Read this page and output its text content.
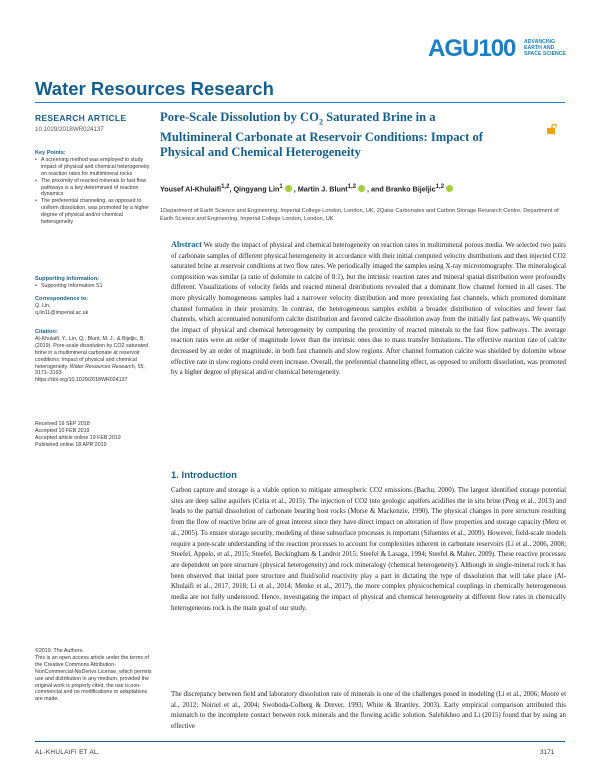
AGU100 ADVANCING EARTH AND SPACE SCIENCE
Water Resources Research
RESEARCH ARTICLE
10.1029/2018WR024137
Key Points:
• A screening method was employed to study impact of physical and chemical heterogeneity on reaction rates for multimineral rocks
• The proximity of reacted minerals to fast flow pathways is a key determinant of reaction dynamics
• The preferential channeling, as opposed to uniform dissolution, was promoted by a higher degree of physical and/or chemical heterogeneity
Supporting Information:
• Supporting Information S1
Correspondence to:
Q. Lin,
q.lin11@imperial.ac.uk
Citation:
Al-Khulaifi, Y., Lin, Q., Blunt, M. J., & Bijeljic, B. (2019). Pore-scale dissolution by CO2 saturated brine in a multimineral carbonate at reservoir conditions: Impact of physical and chemical heterogeneity. Water Resources Research, 55, 3171–3193. https://doi.org/10.1029/2018WR024137
Received 19 SEP 2018
Accepted 10 FEB 2019
Accepted article online 19 FEB 2019
Published online 18 APR 2019
©2019. The Authors.
This is an open access article under the terms of the Creative Commons Attribution-NonCommercial-NoDerivs License, which permits use and distribution in any medium, provided the original work is properly cited, the use is non-commercial and no modifications or adaptations are made.
Pore-Scale Dissolution by $CO_2$ Saturated Brine in a Multimineral Carbonate at Reservoir Conditions: Impact of Physical and Chemical Heterogeneity
Yousef Al-Khulaifi$^{1,2}$, Qingyang Lin$^1$ , Martin J. Blunt$^{1,2}$ , and Branko Bijeljic$^{1,2}$
1Department of Earth Science and Engineering, Imperial College London, London, UK, 2Qatar Carbonates and Carbon Storage Research Centre, Department of Earth Science and Engineering, Imperial College London, London, UK
Abstract We study the impact of physical and chemical heterogeneity on reaction rates in multimineral porous media. We selected two pairs of carbonate samples of different physical heterogeneity in accordance with their initial computed velocity distributions and then injected CO2 saturated brine at reservoir conditions at two flow rates. We periodically imaged the samples using X-ray microtomography. The mineralogical composition was similar (a ratio of dolomite to calcite of 8:1), but the intrinsic reaction rates and mineral spatial distribution were profoundly different. Visualizations of velocity fields and reacted mineral distributions revealed that a dominant flow channel formed in all cases. The more physically homogeneous samples had a narrower velocity distribution and more preexisting fast channels, which promoted dominant channel formation in their proximity. In contrast, the heterogeneous samples exhibit a broader distribution of velocities and fewer fast channels, which accentuated nonuniform calcite distribution and favored calcite dissolution away from the initially fast pathways. We quantify the impact of physical and chemical heterogeneity by computing the proximity of reacted minerals to the fast flow pathways. The average reaction rates were an order of magnitude lower than the intrinsic ones due to mass transfer limitations. The effective reaction rate of calcite decreased by an order of magnitude, in both fast channels and slow regions. After channel formation calcite was shielded by dolomite whose effective rate in slow regions could even increase. Overall, the preferential channeling effect, as opposed to uniform dissolution, was promoted by a higher degree of physical and/or chemical heterogeneity.
1. Introduction
Carbon capture and storage is a viable option to mitigate atmospheric CO2 emissions (Bachu, 2000). The largest identified storage potential sites are deep saline aquifers (Celia et al., 2015). The injection of CO2 into geologic aquifers acidifies the in situ brine (Peng et al., 2013) and leads to the partial dissolution of carbonate bearing host rocks (Morse & Mackenzie, 1990). The physical changes in pore structure resulting from the flow of reactive brine are of great interest since they have direct impact on alteration of flow properties and storage capacity (Metz et al., 2005). To ensure storage security, modeling of these subsurface processes is important (Sifuentes et al., 2009). However, field-scale models require a pore-scale understanding of the reaction processes to account for complexities inherent in carbonate reservoirs (Li et al., 2006, 2008; Steefel, Appelo, et al., 2015; Steefel, Beckingham & Landrot 2015; Steefel & Lasaga, 1994; Steefel & Maher, 2009). These reactive processes are dependent on pore structure (physical heterogeneity) and rock mineralogy (chemical heterogeneity). Although in single-mineral rock it has been observed that initial pore structure and fluid/solid reactivity play a part in dictating the type of dissolution that will take place (Al-Khulaifi et al., 2017, 2018; Li et al., 2014; Menke et al., 2017), the more complex physicochemical couplings in chemically heterogeneous media are not fully understood. Hence, investigating the impact of physical and chemical heterogeneity at different flow rates in chemically heterogeneous rock is the main goal of our study.
The discrepancy between field and laboratory dissolution rate of minerals is one of the challenges posed in modeling (Li et al., 2006; Moore et al., 2012; Noiriel et al., 2004; Swoboda-Colberg & Drever, 1993; White & Brantley, 2003). Early empirical comparison attributed this mismatch to the incomplete contact between rock minerals and the flowing acidic solution. Salehikhoo and Li (2015) found that by using an effective
AL-KHULAIFI ET AL.	3171
